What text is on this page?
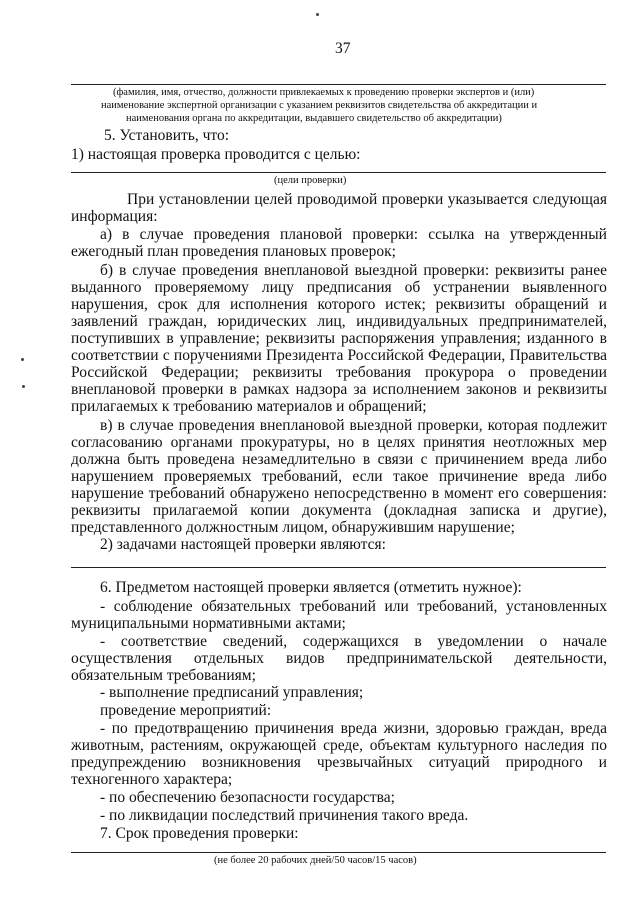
37
(фамилия, имя, отчество, должности привлекаемых к проведению проверки экспертов и (или)
наименование экспертной организации с указанием реквизитов свидетельства об аккредитации и
наименования органа по аккредитации, выдавшего свидетельство об аккредитации)
5. Установить, что:
1) настоящая проверка проводится с целью:
(цели проверки)
При установлении целей проводимой проверки указывается следующая
информация:
а) в случае проведения плановой проверки: ссылка на утвержденный
ежегодный план проведения плановых проверок;
б) в случае проведения внеплановой выездной проверки: реквизиты ранее
выданного проверяемому лицу предписания об устранении выявленного
нарушения, срок для исполнения которого истек; реквизиты обращений и
заявлений граждан, юридических лиц, индивидуальных предпринимателей,
поступивших в управление; реквизиты распоряжения управления; изданного в
соответствии с поручениями Президента Российской Федерации, Правительства
Российской Федерации; реквизиты требования прокурора о проведении
внеплановой проверки в рамках надзора за исполнением законов и реквизиты
прилагаемых к требованию материалов и обращений;
в) в случае проведения внеплановой выездной проверки, которая подлежит
согласованию органами прокуратуры, но в целях принятия неотложных мер
должна быть проведена незамедлительно в связи с причинением вреда либо
нарушением проверяемых требований, если такое причинение вреда либо
нарушение требований обнаружено непосредственно в момент его совершения:
реквизиты прилагаемой копии документа (докладная записка и другие),
представленного должностным лицом, обнаружившим нарушение;
2) задачами настоящей проверки являются:
6. Предметом настоящей проверки является (отметить нужное):
- соблюдение обязательных требований или требований, установленных
муниципальными нормативными актами;
- соответствие сведений, содержащихся в уведомлении о начале
осуществления отдельных видов предпринимательской деятельности,
обязательным требованиям;
- выполнение предписаний управления;
проведение мероприятий:
- по предотвращению причинения вреда жизни, здоровью граждан, вреда
животным, растениям, окружающей среде, объектам культурного наследия по
предупреждению возникновения чрезвычайных ситуаций природного и
техногенного характера;
- по обеспечению безопасности государства;
- по ликвидации последствий причинения такого вреда.
7. Срок проведения проверки:
(не более 20 рабочих дней/50 часов/15 часов)
